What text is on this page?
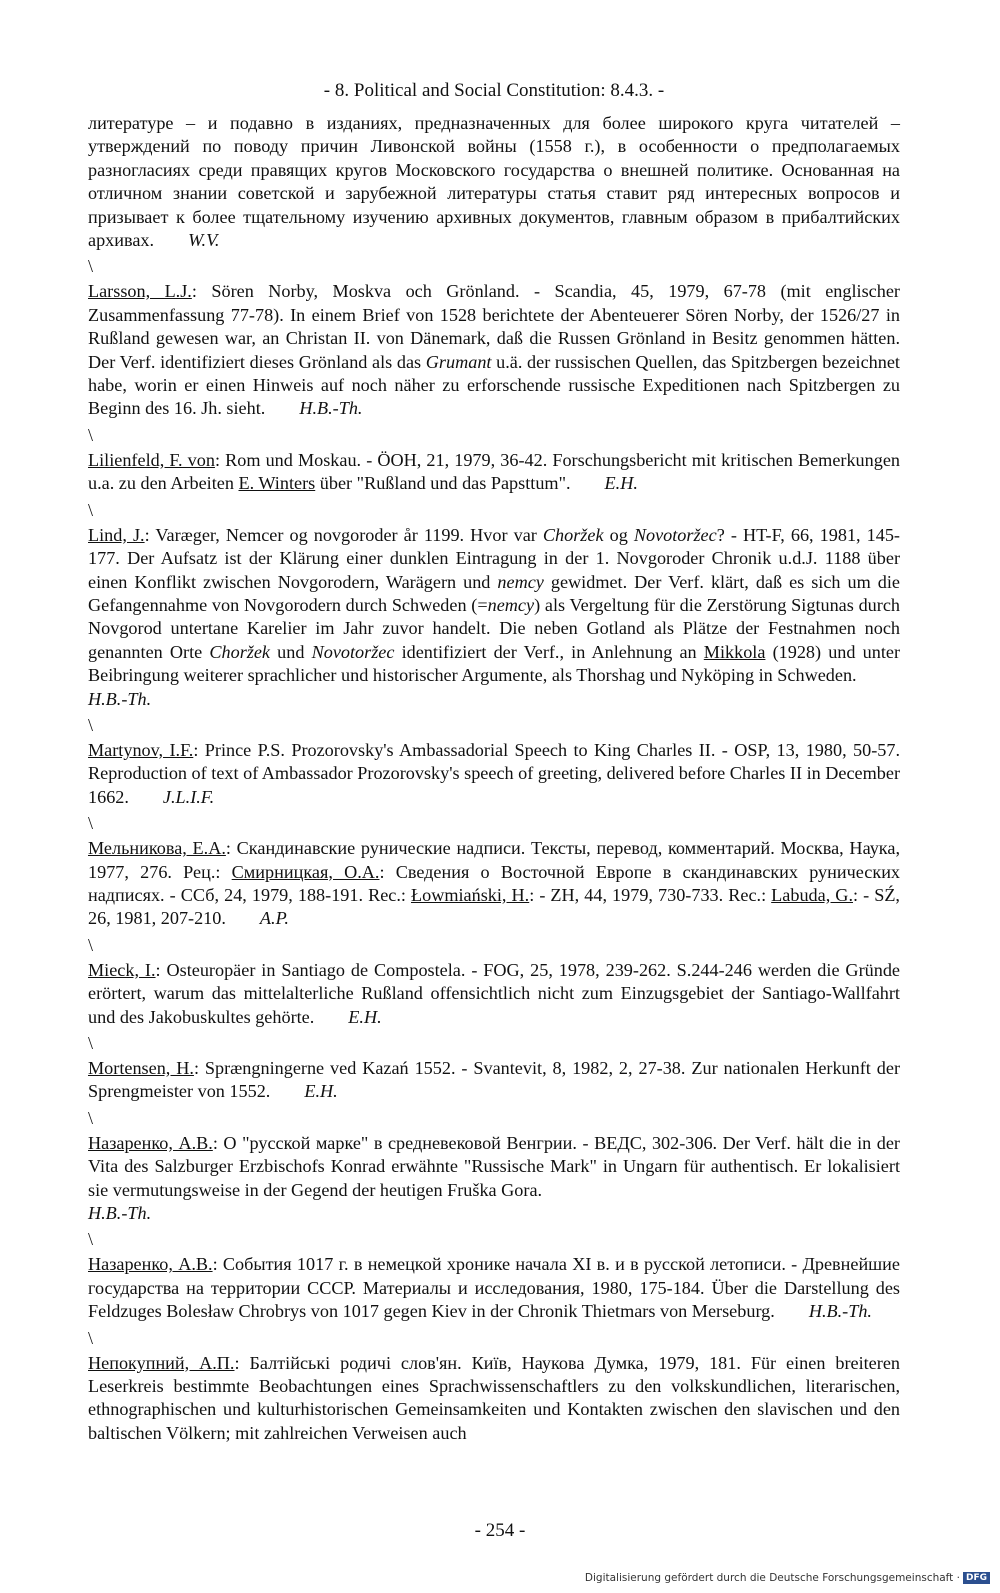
- 8. Political and Social Constitution: 8.4.3. -

литературе – и подавно в изданиях, предназначенных для более широкого круга читателей – утверждений по поводу причин Ливонской войны (1558 г.), в особенности о предполагаемых разногласиях среди правящих кругов Московского государства о внешней политике. Основанная на отличном знании советской и зарубежной литературы статья ставит ряд интересных вопросов и призывает к более тщательному изучению архивных документов, главным образом в прибалтийских архивах. W.V.

\

Larsson, L.J.: Sören Norby, Moskva och Grönland. - Scandia, 45, 1979, 67-78 (mit englischer Zusammenfassung 77-78). In einem Brief von 1528 berichtete der Abenteuerer Sören Norby, der 1526/27 in Rußland gewesen war, an Christan II. von Dänemark, daß die Russen Grönland in Besitz genommen hätten. Der Verf. identifiziert dieses Grönland als das Grumant u.ä. der russischen Quellen, das Spitzbergen bezeichnet habe, worin er einen Hinweis auf noch näher zu erforschende russische Expeditionen nach Spitzbergen zu Beginn des 16. Jh. sieht. H.B.-Th.

\

Lilienfeld, F. von: Rom und Moskau. - ÖOH, 21, 1979, 36-42. Forschungsbericht mit kritischen Bemerkungen u.a. zu den Arbeiten E. Winters über "Rußland und das Papsttum". E.H.

\

Lind, J.: Varæger, Nemcer og novgoroder år 1199. Hvor var Choržek og Novotoržec? - HT-F, 66, 1981, 145-177. Der Aufsatz ist der Klärung einer dunklen Eintragung in der 1. Novgoroder Chronik u.d.J. 1188 über einen Konflikt zwischen Novgorodern, Warägern und nemcy gewidmet. Der Verf. klärt, daß es sich um die Gefangennahme von Novgorodern durch Schweden (=nemcy) als Vergeltung für die Zerstörung Sigtunas durch Novgorod untertane Karelier im Jahr zuvor handelt. Die neben Gotland als Plätze der Festnahmen noch genannten Orte Choržek und Novotoržec identifiziert der Verf., in Anlehnung an Mikkola (1928) und unter Beibringung weiterer sprachlicher und historischer Argumente, als Thorshag und Nyköping in Schweden.
H.B.-Th.

\

Martynov, I.F.: Prince P.S. Prozorovsky's Ambassadorial Speech to King Charles II. - OSP, 13, 1980, 50-57. Reproduction of text of Ambassador Prozorovsky's speech of greeting, delivered before Charles II in December 1662. J.L.I.F.

\

Мельникова, Е.А.: Скандинавские рунические надписи. Тексты, перевод, комментарий. Москва, Наука, 1977, 276. Рец.: Смирницкая, О.А.: Сведения о Восточной Европе в скандинавских рунических надписях. - ССб, 24, 1979, 188-191. Rec.: Łowmiański, H.: - ZH, 44, 1979, 730-733. Rec.: Labuda, G.: - SŹ, 26, 1981, 207-210. A.P.

\

Mieck, I.: Osteuropäer in Santiago de Compostela. - FOG, 25, 1978, 239-262. S.244-246 werden die Gründe erörtert, warum das mittelalterliche Rußland offensichtlich nicht zum Einzugsgebiet der Santiago-Wallfahrt und des Jakobuskultes gehörte. E.H.

\

Mortensen, H.: Sprængningerne ved Kazań 1552. - Svantevit, 8, 1982, 2, 27-38. Zur nationalen Herkunft der Sprengmeister von 1552. E.H.

\

Назаренко, А.В.: О "русской марке" в средневековой Венгрии. - ВЕДС, 302-306. Der Verf. hält die in der Vita des Salzburger Erzbischofs Konrad erwähnte "Russische Mark" in Ungarn für authentisch. Er lokalisiert sie vermutungsweise in der Gegend der heutigen Fruška Gora.
H.B.-Th.

\

Назаренко, А.В.: События 1017 г. в немецкой хронике начала XI в. и в русской летописи. - Древнейшие государства на территории СССР. Материалы и исследования, 1980, 175-184. Über die Darstellung des Feldzuges Bolesław Chrobrys von 1017 gegen Kiev in der Chronik Thietmars von Merseburg. H.B.-Th.

\

Непокупний, А.П.: Балтійські родичі слов'ян. Київ, Наукова Думка, 1979, 181. Für einen breiteren Leserkreis bestimmte Beobachtungen eines Sprachwissenschaftlers zu den volkskundlichen, literarischen, ethnographischen und kulturhistorischen Gemeinsamkeiten und Kontakten zwischen den slavischen und den baltischen Völkern; mit zahlreichen Verweisen auch

- 254 -
Digitalisierung gefördert durch die Deutsche Forschungsgemeinschaft · DFG
